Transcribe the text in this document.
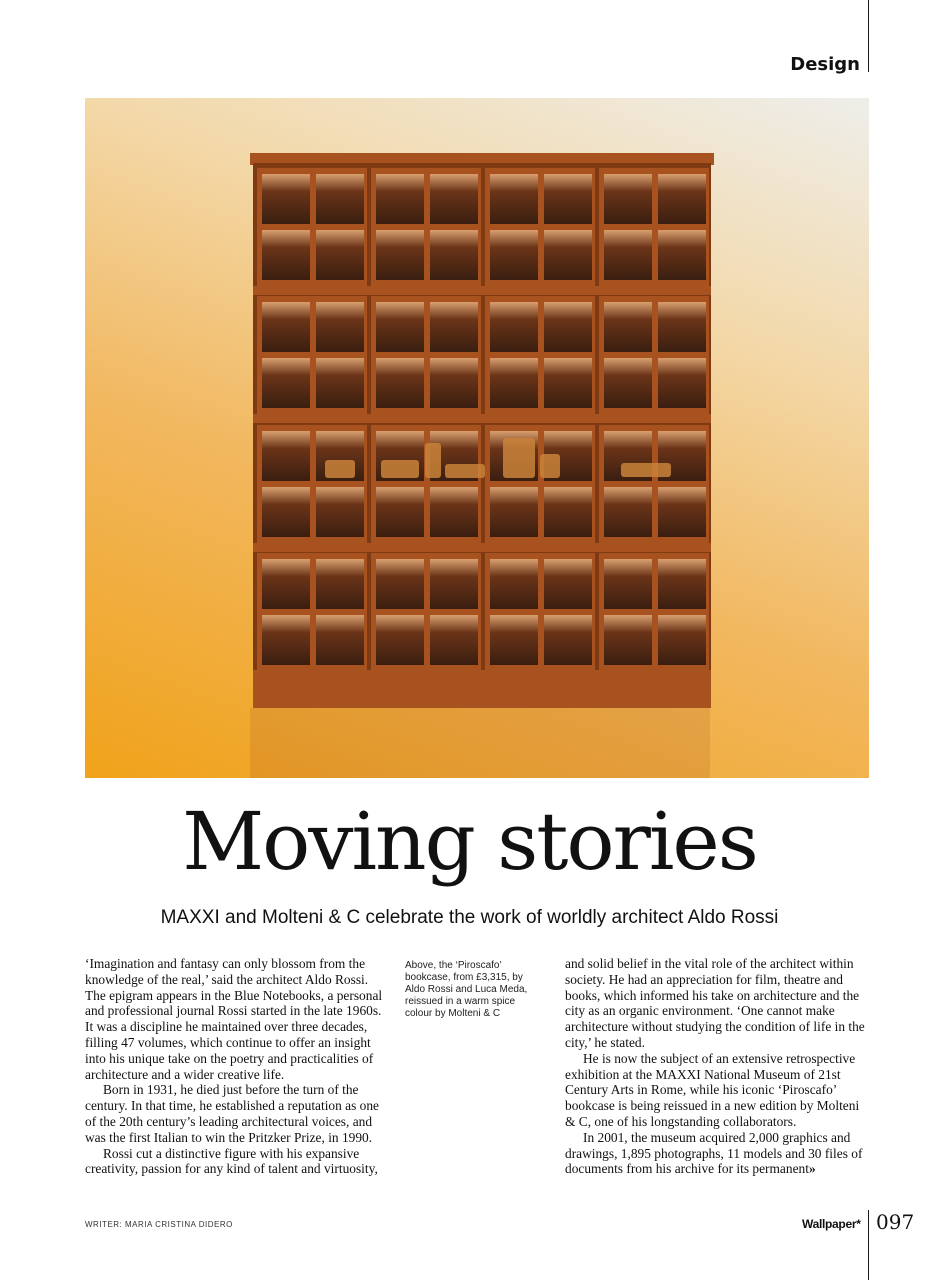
Design
Moving stories
MAXXI and Molteni & C celebrate the work of worldly architect Aldo Rossi

‘Imagination and fantasy can only blossom from the knowledge of the real,’ said the architect Aldo Rossi. The epigram appears in the Blue Notebooks, a personal and professional journal Rossi started in the late 1960s. It was a discipline he maintained over three decades, filling 47 volumes, which continue to offer an insight into his unique take on the poetry and practicalities of architecture and a wider creative life.

Born in 1931, he died just before the turn of the century. In that time, he established a reputation as one of the 20th century’s leading architectural voices, and was the first Italian to win the Pritzker Prize, in 1990.

Rossi cut a distinctive figure with his expansive creativity, passion for any kind of talent and virtuosity,

Above, the ‘Piroscafo’ bookcase, from £3,315, by Aldo Rossi and Luca Meda, reissued in a warm spice colour by Molteni & C

and solid belief in the vital role of the architect within society. He had an appreciation for film, theatre and books, which informed his take on architecture and the city as an organic environment. ‘One cannot make architecture without studying the condition of life in the city,’ he stated.

He is now the subject of an extensive retrospective exhibition at the MAXXI National Museum of 21st Century Arts in Rome, while his iconic ‘Piroscafo’ bookcase is being reissued in a new edition by Molteni & C, one of his longstanding collaborators.

In 2001, the museum acquired 2,000 graphics and drawings, 1,895 photographs, 11 models and 30 files of documents from his archive for its permanent»

WRITER: MARIA CRISTINA DIDERO	Wallpaper* 097
